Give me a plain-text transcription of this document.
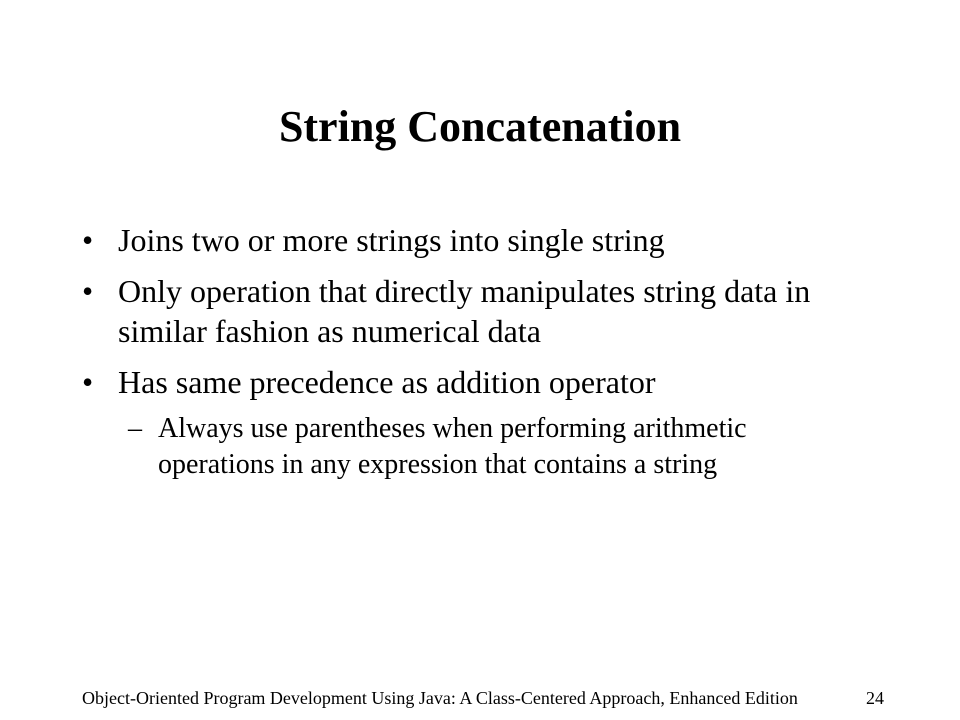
String Concatenation
• Joins two or more strings into single string
• Only operation that directly manipulates string data in similar fashion as numerical data
• Has same precedence as addition operator
– Always use parentheses when performing arithmetic operations in any expression that contains a string
Object-Oriented Program Development Using Java: A Class-Centered Approach, Enhanced Edition	24
